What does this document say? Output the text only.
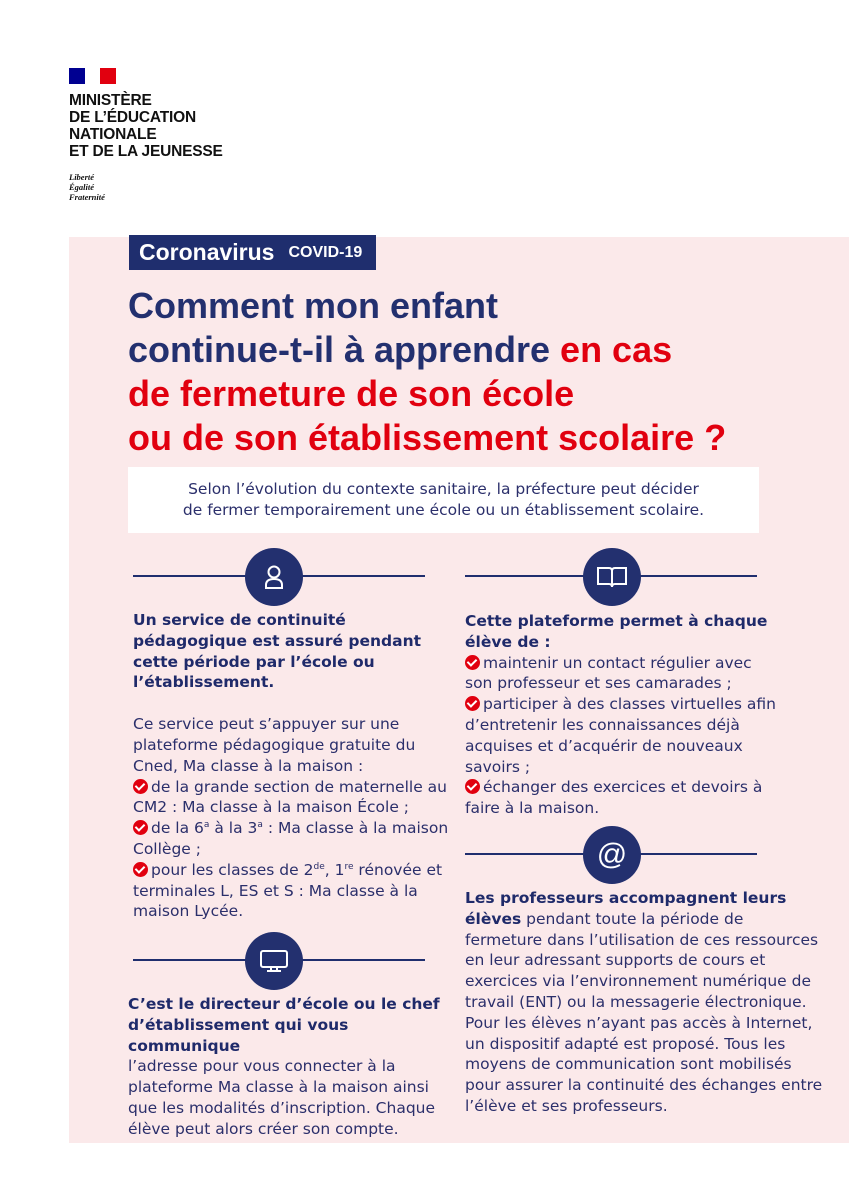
MINISTÈRE
DE L’ÉDUCATION
NATIONALE
ET DE LA JEUNESSE
Liberté
Égalité
Fraternité
Coronavirus COVID-19
Comment mon enfant
continue-t-il à apprendre en cas
de fermeture de son école
ou de son établissement scolaire ?

Selon l’évolution du contexte sanitaire, la préfecture peut décider

de fermer temporairement une école ou un établissement scolaire.

@

Un service de continuité pédagogique est assuré pendant cette période par l’école ou l’établissement.

Ce service peut s’appuyer sur une plateforme pédagogique gratuite du Cned, Ma classe à la maison :

de la grande section de maternelle au CM2 : Ma classe à la maison École ;

de la 6$^a$ à la 3$^a$ : Ma classe à la maison Collège ;

pour les classes de 2de, 1re rénovée et terminales L, ES et S : Ma classe à la maison Lycée.

C’est le directeur d’école ou le chef d’établissement qui vous communique

l’adresse pour vous connecter à la plateforme Ma classe à la maison ainsi que les modalités d’inscription. Chaque élève peut alors créer son compte.

Cette plateforme permet à chaque élève de :

maintenir un contact régulier avec son professeur et ses camarades ;

participer à des classes virtuelles afin d’entretenir les connaissances déjà acquises et d’acquérir de nouveaux savoirs ;

échanger des exercices et devoirs à faire à la maison.

Les professeurs accompagnent leurs élèves pendant toute la période de fermeture dans l’utilisation de ces ressources en leur adressant supports de cours et exercices via l’environnement numérique de travail (ENT) ou la messagerie électronique. Pour les élèves n’ayant pas accès à Internet, un dispositif adapté est proposé. Tous les moyens de communication sont mobilisés pour assurer la continuité des échanges entre l’élève et ses professeurs.
